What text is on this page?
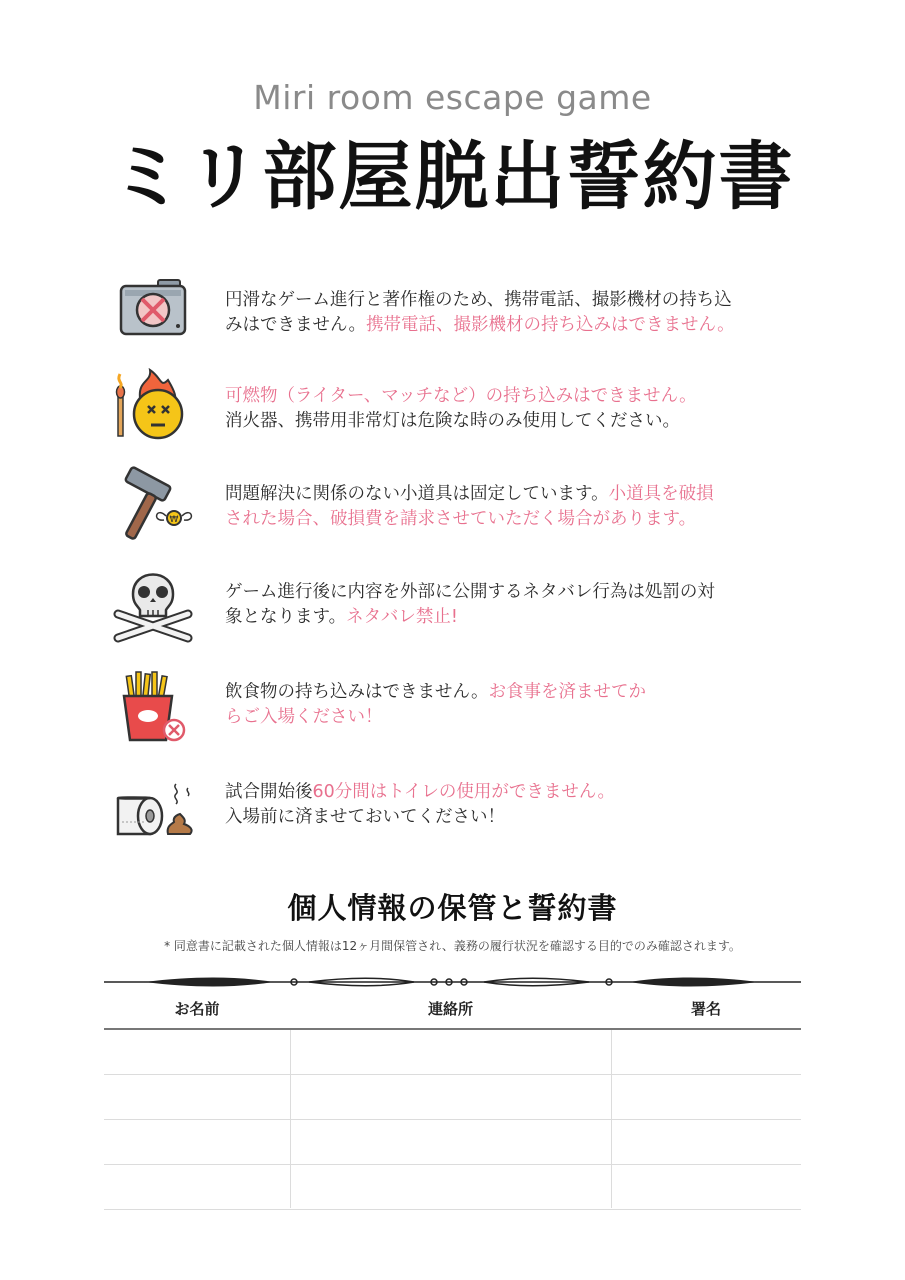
Miri room escape game
ミリ部屋脱出誓約書
円滑なゲーム進行と著作権のため、携帯電話、撮影機材の持ち込
みはできません。携帯電話、撮影機材の持ち込みはできません。
可燃物（ライター、マッチなど）の持ち込みはできません。
消火器、携帯用非常灯は危険な時のみ使用してください。
₩
問題解決に関係のない小道具は固定しています。小道具を破損
された場合、破損費を請求させていただく場合があります。
ゲーム進行後に内容を外部に公開するネタバレ行為は処罰の対
象となります。ネタバレ禁止!
飲食物の持ち込みはできません。お食事を済ませてか
らご入場ください！
試合開始後60分間はトイレの使用ができません。
入場前に済ませておいてください！
個人情報の保管と誓約書
* 同意書に記載された個人情報は12ヶ月間保管され、義務の履行状況を確認する目的でのみ確認されます。
お名前	連絡所	署名
